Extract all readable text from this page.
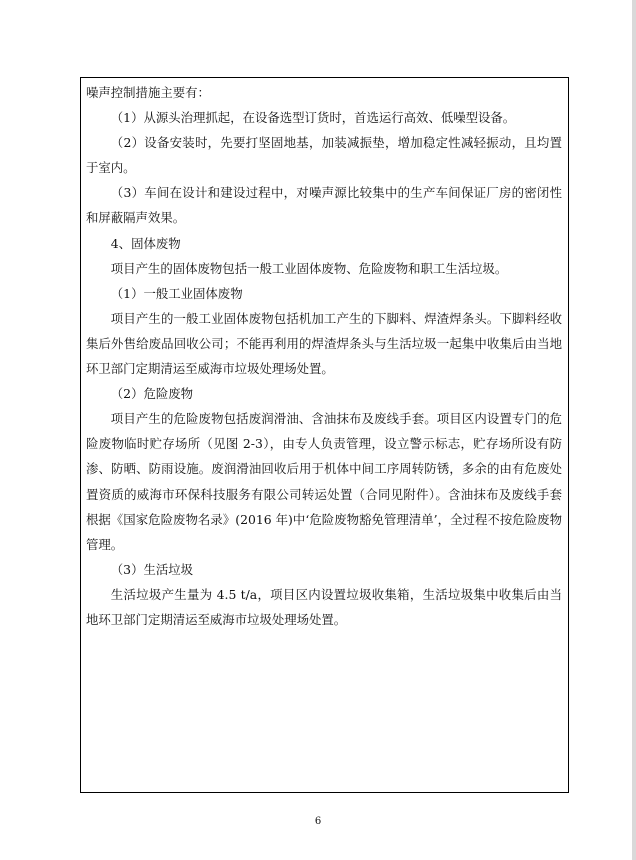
噪声控制措施主要有：

（1）从源头治理抓起，在设备选型订货时，首选运行高效、低噪型设备。

（2）设备安装时，先要打坚固地基，加装减振垫，增加稳定性减轻振动，且均置于室内。

（3）车间在设计和建设过程中，对噪声源比较集中的生产车间保证厂房的密闭性和屏蔽隔声效果。

4、固体废物

项目产生的固体废物包括一般工业固体废物、危险废物和职工生活垃圾。

（1）一般工业固体废物

项目产生的一般工业固体废物包括机加工产生的下脚料、焊渣焊条头。下脚料经收集后外售给废品回收公司；不能再利用的焊渣焊条头与生活垃圾一起集中收集后由当地环卫部门定期清运至威海市垃圾处理场处置。

（2）危险废物

项目产生的危险废物包括废润滑油、含油抹布及废线手套。项目区内设置专门的危险废物临时贮存场所（见图 2-3），由专人负责管理，设立警示标志，贮存场所设有防渗、防晒、防雨设施。废润滑油回收后用于机体中间工序周转防锈，多余的由有危废处置资质的威海市环保科技服务有限公司转运处置（合同见附件）。含油抹布及废线手套根据《国家危险废物名录》(2016 年)中‘危险废物豁免管理清单’，全过程不按危险废物管理。

（3）生活垃圾

生活垃圾产生量为 4.5 t/a，项目区内设置垃圾收集箱，生活垃圾集中收集后由当地环卫部门定期清运至威海市垃圾处理场处置。

6
